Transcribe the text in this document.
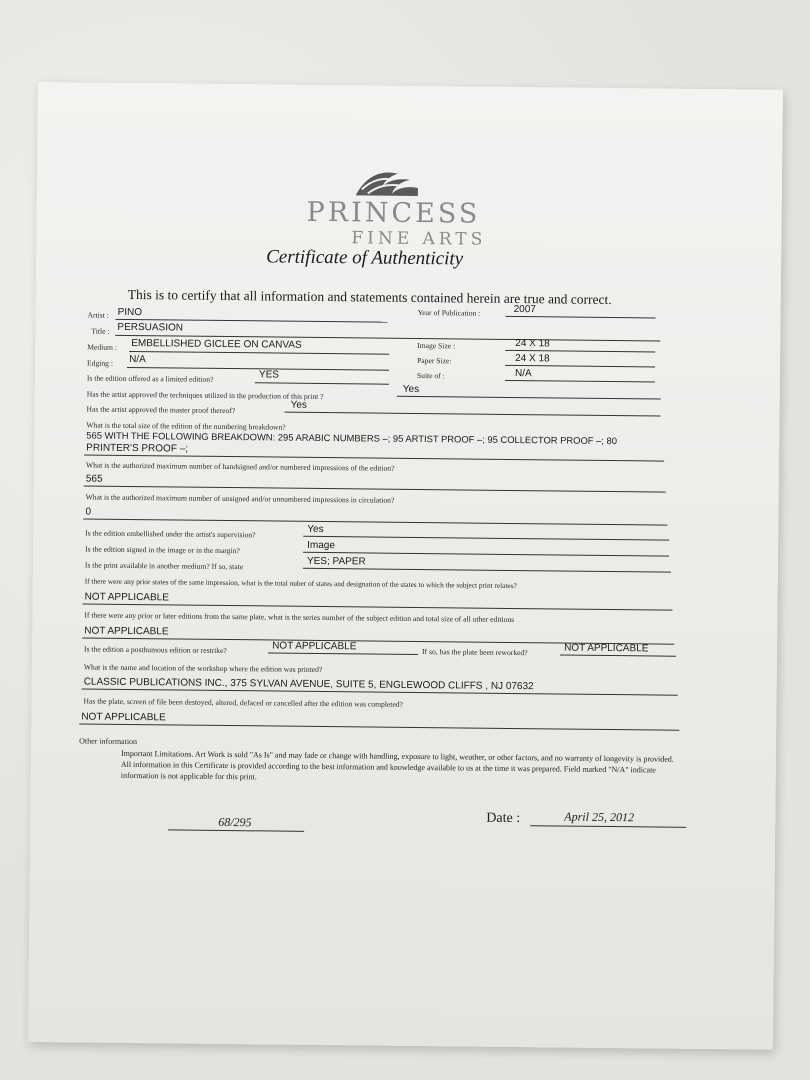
PRINCESS
FINE ARTS
Certificate of Authenticity
This is to certify that all information and statements contained herein are true and correct.
Artist : PINO	Year of Publication :	2007
Title : PERSUASION
Medium : EMBELLISHED GICLEE ON CANVAS	Image Size :	24 X 18
Edging : N/A	Paper Size:	24 X 18
Is the edition offered as a limited edition?	YES	Suite of :	N/A
Has the artist approved the techniques utilized in the production of this print ?
Yes
Has the artist approved the master proof thereof?	Yes
What is the total size of the edition of the numbering breakdown?
565 WITH THE FOLLOWING BREAKDOWN: 295 ARABIC NUMBERS –; 95 ARTIST PROOF –; 95 COLLECTOR PROOF –; 80
PRINTER'S PROOF –;
What is the authorized maximum number of handsigned and/or numbered impressions of the edition?
565
What is the authorized maximum number of unsigned and/or unnumbered impressions in circulation?
0
Is the edition embellished under the artist's supervision?	Yes
Is the edition signed in the image or in the margin?	Image
Is the print available in another medium? If so, state	YES; PAPER
If there were any prior states of the same impression, what is the total nuber of states and designation of the states to which the subject print relates?
NOT APPLICABLE
If there were any prior or later editions from the same plate, what is the series number of the subject edition and total size of all other editions
NOT APPLICABLE
Is the edition a posthumous edition or restrike?	NOT APPLICABLE	If so, has the plate been reworked?	NOT APPLICABLE
What is the name and location of the workshop where the edition was printed?
CLASSIC PUBLICATIONS INC., 375 SYLVAN AVENUE, SUITE 5, ENGLEWOOD CLIFFS , NJ 07632
Has the plate, screen of file been destoyed, altered, defaced or cancelled after the edition was completed?
NOT APPLICABLE
Other information
Important Limitations. Art Work is sold "As Is" and may fade or change with handling, exposure to light, weather, or other factors, and no warranty of longevity is provided. All information in this Certificate is provided according to the best information and knowledge available to us at the time it was prepared. Field marked "N/A" indicate information is not applicable for this print.
68/295	Date :	April 25, 2012
